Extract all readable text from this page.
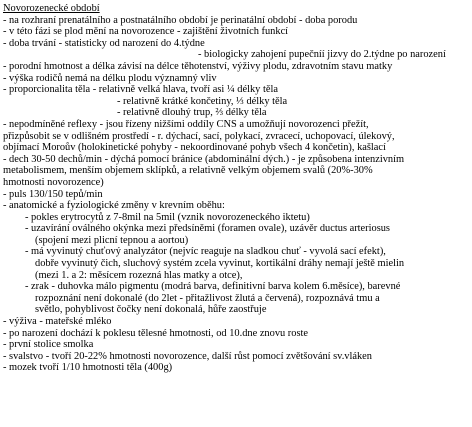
Novorozenecké období
- na rozhraní prenatálního a postnatálního období je perinatální období - doba porodu
- v této fázi se plod mění na novorozence - zajištění životních funkcí
- doba trvání - statisticky od narození do 4.týdne
- biologicky zahojení pupečníí jizvy do 2.týdne po narození
- porodní hmotnost a délka závisí na délce těhotenství, výživy plodu, zdravotním stavu matky
- výška rodičů nemá na délku plodu významný vliv
- proporcionalita těla - relativně velká hlava, tvoří asi ¼ délky těla
- relativně krátké končetiny, ⅓ délky těla
- relativně dlouhý trup, ⅔ délky těla
- nepodmíněné reflexy - jsou řízeny nižšími oddíly CNS a umožňují novorozenci přežít,
přizpůsobit se v odlišném prostředí - r. dýchací, sací, polykací, zvracecí, uchopovací, úlekový,
objímací Moroův (holokinetické pohyby - nekoordinované pohyb všech 4 končetin), kašlací
- dech 30-50 dechů/min - dýchá pomocí bránice (abdominální dých.) - je způsobena intenzivním
metabolismem, menším objemem sklípků, a relativně velkým objemem svalů (20%-30%
hmotnosti novorozence)
- puls 130/150 tepů/min
- anatomické a fyziologické změny v krevním oběhu:
- pokles erytrocytů z 7-8mil na 5mil (vznik novorozeneckého iktetu)
- uzavírání oválného okýnka mezi předsíněmi (foramen ovale), uzávěr ductus arteriosus
(spojení mezi plicní tepnou a aortou)
- má vyvinutý chuťový analyzátor (nejvíc reaguje na sladkou chuť - vyvolá sací efekt),
dobře vyvinutý čich, sluchový systém zcela vyvinut, kortikální dráhy nemají ještě mielin
(mezi 1. a 2: měsícem rozezná hlas matky a otce),
- zrak - duhovka málo pigmentu (modrá barva, definitivní barva kolem 6.měsíce), barevné
rozpoznání není dokonalé (do 2let - přitažlivost žlutá a červená), rozpoznává tmu a
světlo, pohyblivost čočky není dokonalá, hůře zaostřuje
- výživa - mateřské mléko
- po narození dochází k poklesu tělesné hmotnosti, od 10.dne znovu roste
- první stolice smolka
- svalstvo - tvoří 20-22% hmotnosti novorozence, další růst pomocí zvětšování sv.vláken
- mozek tvoří 1/10 hmotnosti těla (400g)
